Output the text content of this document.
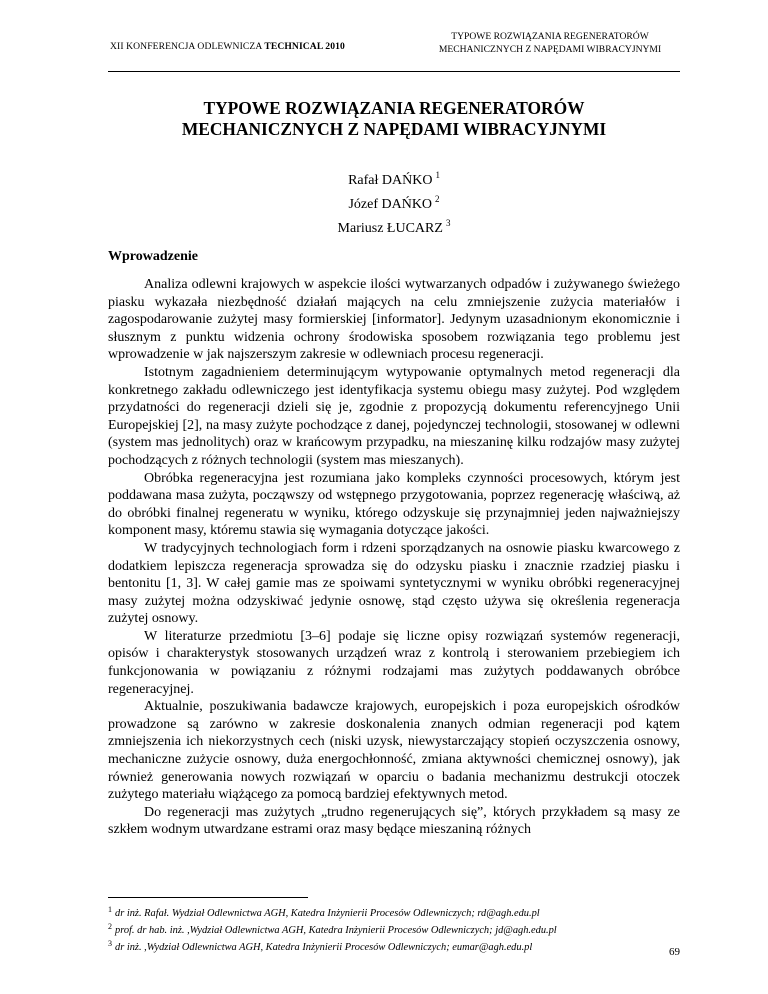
XII KONFERENCJA ODLEWNICZA TECHNICAL 2010
TYPOWE ROZWIĄZANIA REGENERATORÓW
MECHANICZNYCH Z NAPĘDAMI WIBRACYJNYMI
TYPOWE ROZWIĄZANIA REGENERATORÓW
MECHANICZNYCH Z NAPĘDAMI WIBRACYJNYMI
Rafał DAŃKO $^1$
Józef DAŃKO $^2$
Mariusz ŁUCARZ $^3$
Wprowadzenie

Analiza odlewni krajowych w aspekcie ilości wytwarzanych odpadów i zużywanego świeżego piasku wykazała niezbędność działań mających na celu zmniejszenie zużycia materiałów i zagospodarowanie zużytej masy formierskiej [informator]. Jedynym uzasadnionym ekonomicznie i słusznym z punktu widzenia ochrony środowiska sposobem rozwiązania tego problemu jest wprowadzenie w jak najszerszym zakresie w odlewniach procesu regeneracji.

Istotnym zagadnieniem determinującym wytypowanie optymalnych metod regeneracji dla konkretnego zakładu odlewniczego jest identyfikacja systemu obiegu masy zużytej. Pod względem przydatności do regeneracji dzieli się je, zgodnie z propozycją dokumentu referencyjnego Unii Europejskiej [2], na masy zużyte pochodzące z danej, pojedynczej technologii, stosowanej w odlewni (system mas jednolitych) oraz w krańcowym przypadku, na mieszaninę kilku rodzajów masy zużytej pochodzących z różnych technologii (system mas mieszanych).

Obróbka regeneracyjna jest rozumiana jako kompleks czynności procesowych, którym jest poddawana masa zużyta, począwszy od wstępnego przygotowania, poprzez regenerację właściwą, aż do obróbki finalnej regeneratu w wyniku, którego odzyskuje się przynajmniej jeden najważniejszy komponent masy, któremu stawia się wymagania dotyczące jakości.

W tradycyjnych technologiach form i rdzeni sporządzanych na osnowie piasku kwarcowego z dodatkiem lepiszcza regeneracja sprowadza się do odzysku piasku i znacznie rzadziej piasku i bentonitu [1, 3]. W całej gamie mas ze spoiwami syntetycznymi w wyniku obróbki regeneracyjnej masy zużytej można odzyskiwać jedynie osnowę, stąd często używa się określenia regeneracja zużytej osnowy.

W literaturze przedmiotu [3–6] podaje się liczne opisy rozwiązań systemów regeneracji, opisów i charakterystyk stosowanych urządzeń wraz z kontrolą i sterowaniem przebiegiem ich funkcjonowania w powiązaniu z różnymi rodzajami mas zużytych poddawanych obróbce regeneracyjnej.

Aktualnie, poszukiwania badawcze krajowych, europejskich i poza europejskich ośrodków prowadzone są zarówno w zakresie doskonalenia znanych odmian regeneracji pod kątem zmniejszenia ich niekorzystnych cech (niski uzysk, niewystarczający stopień oczyszczenia osnowy, mechaniczne zużycie osnowy, duża energochłonność, zmiana aktywności chemicznej osnowy), jak również generowania nowych rozwiązań w oparciu o badania mechanizmu destrukcji otoczek zużytego materiału wiążącego za pomocą bardziej efektywnych metod.

Do regeneracji mas zużytych „trudno regenerujących się”, których przykładem są masy ze szkłem wodnym utwardzane estrami oraz masy będące mieszaniną różnych

$^1$ dr inż. Rafał. Wydział Odlewnictwa AGH, Katedra Inżynierii Procesów Odlewniczych; rd@agh.edu.pl
$^2$ prof. dr hab. inż. ,Wydział Odlewnictwa AGH, Katedra Inżynierii Procesów Odlewniczych; jd@agh.edu.pl
$^3$ dr inż. ,Wydział Odlewnictwa AGH, Katedra Inżynierii Procesów Odlewniczych; eumar@agh.edu.pl	69
